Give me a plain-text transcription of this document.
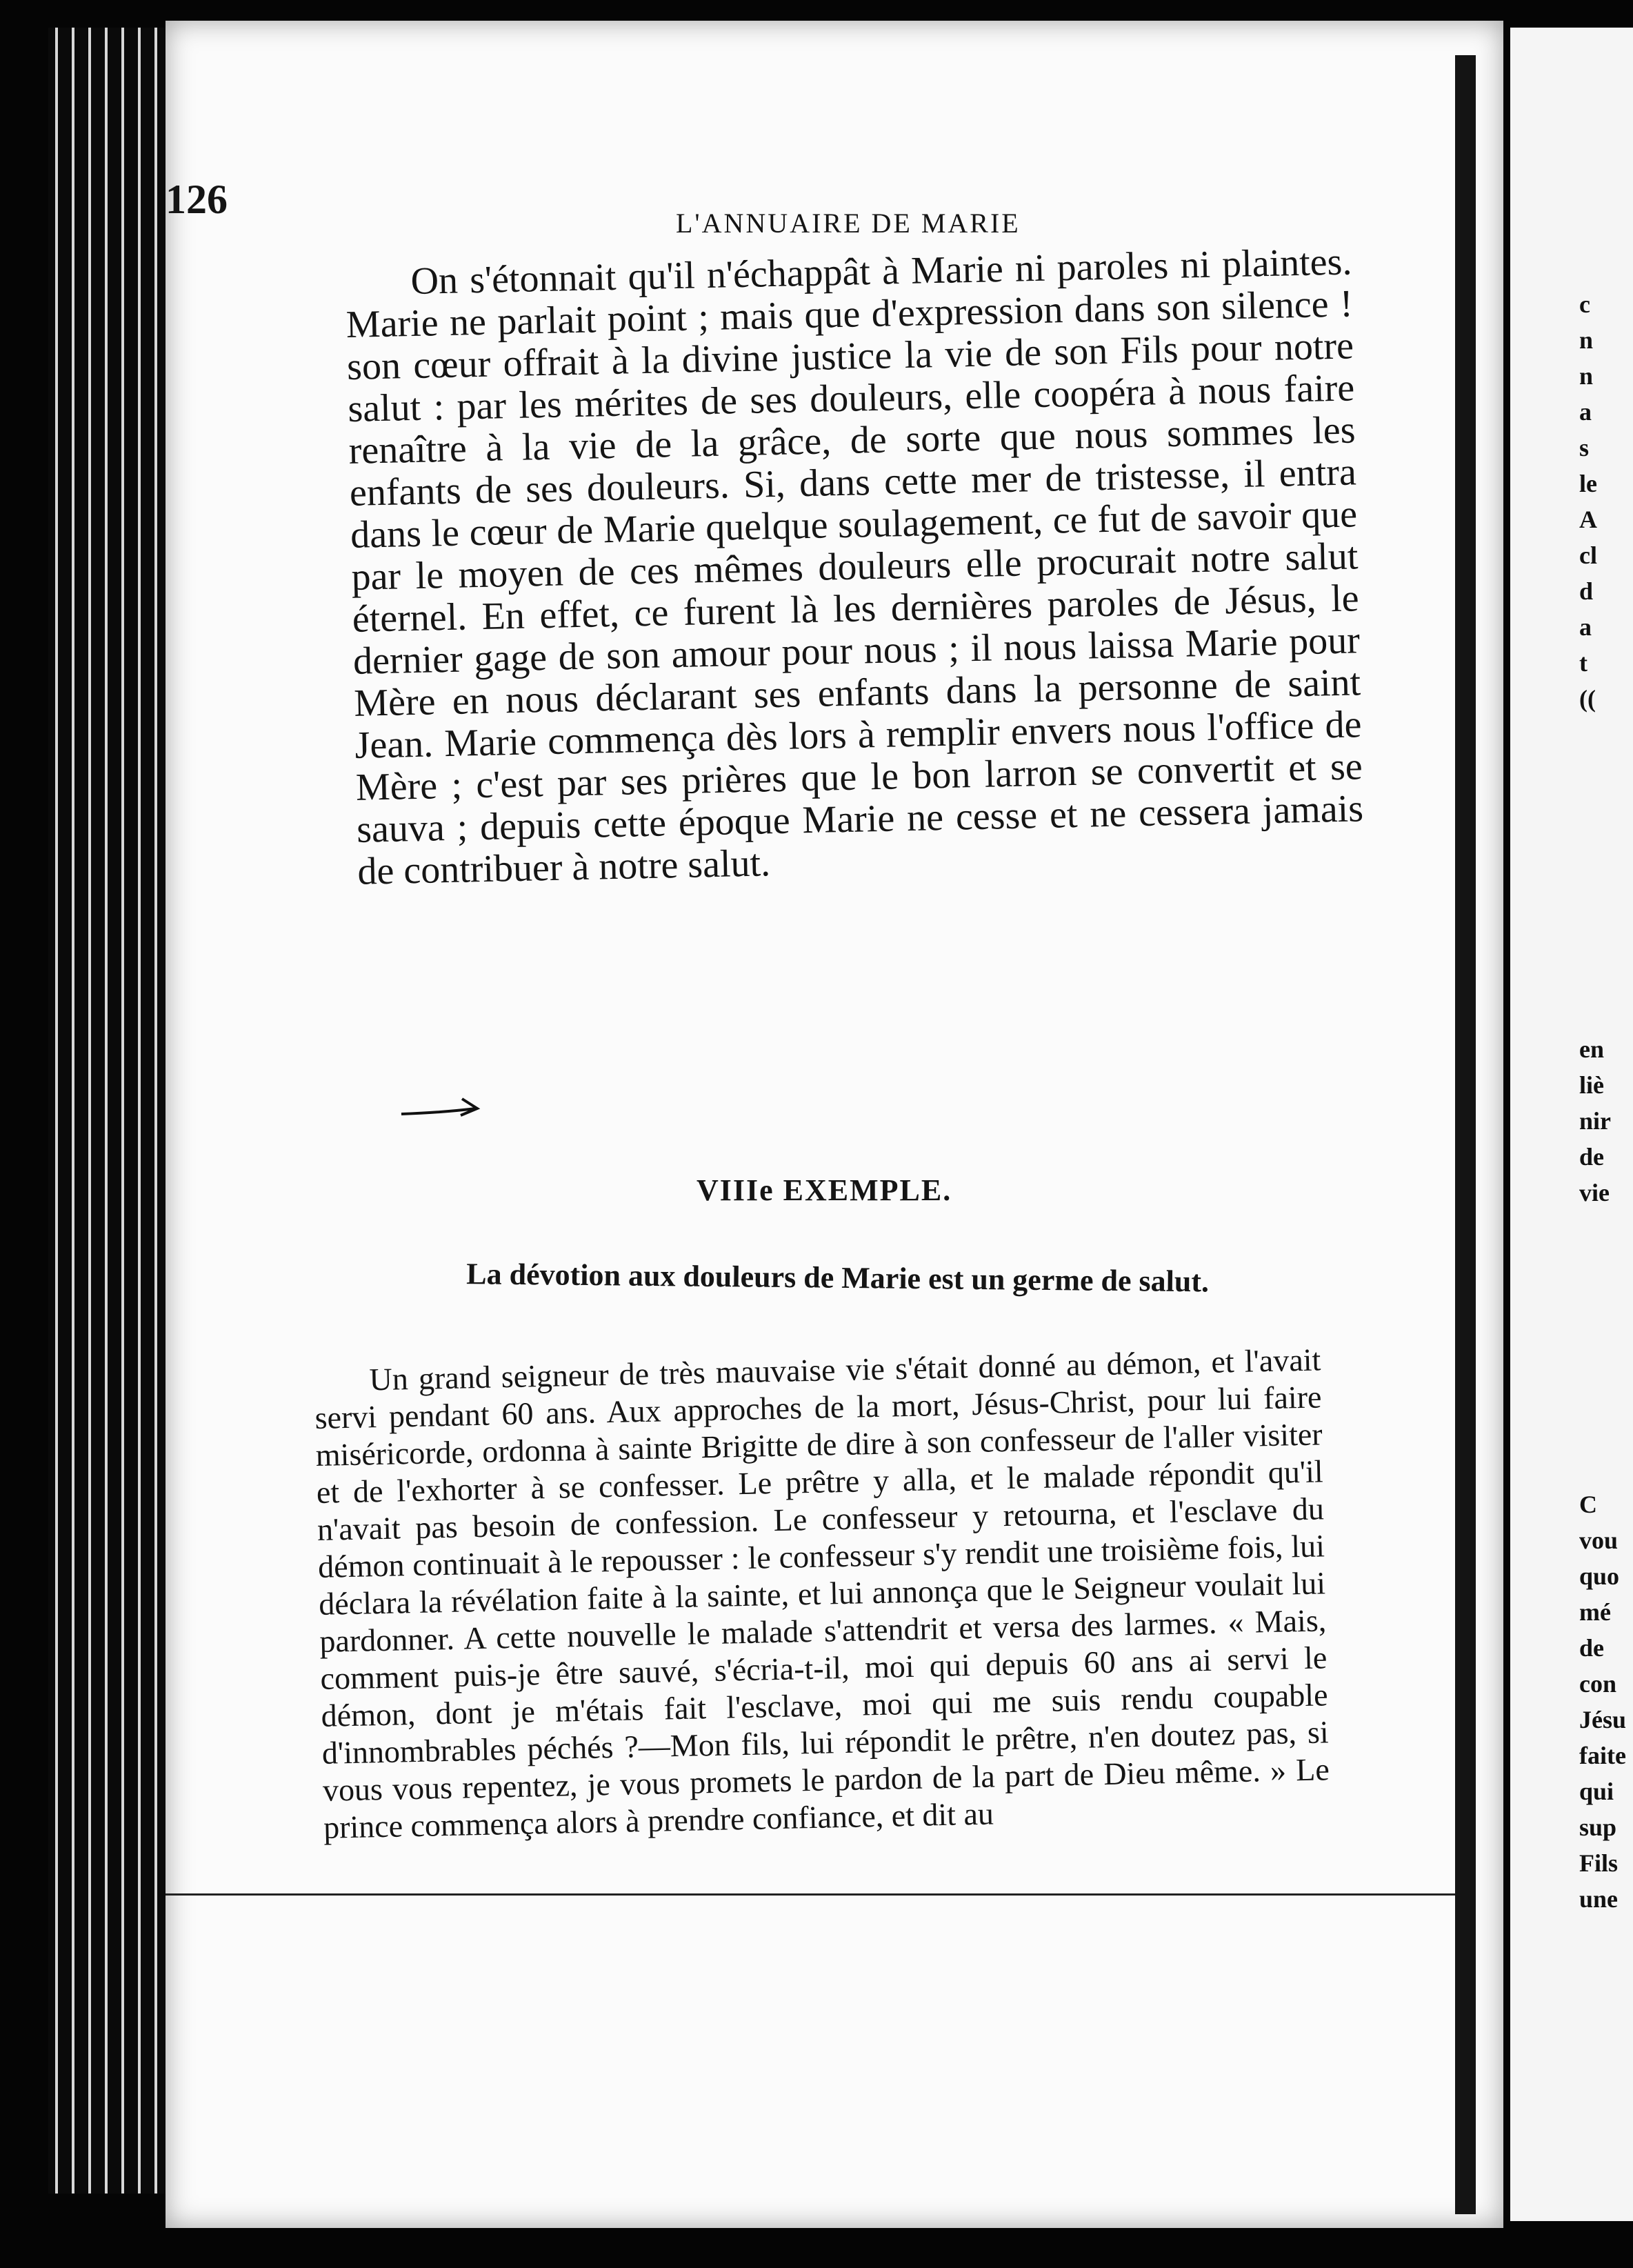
c
n
n
a
s
le
A
cl
d
a
t
((
en
liè
nir
de
vie
C
vou
quo
mé
de
con
Jésu
faite
qui
sup
Fils
une
126
L'ANNUAIRE DE MARIE

On s'étonnait qu'il n'échappât à Marie ni paroles ni plaintes. Marie ne parlait point ; mais que d'expression dans son silence ! son cœur offrait à la divine justice la vie de son Fils pour notre salut : par les mérites de ses douleurs, elle coopéra à nous faire renaître à la vie de la grâce, de sorte que nous sommes les enfants de ses douleurs. Si, dans cette mer de tristesse, il entra dans le cœur de Marie quelque soulagement, ce fut de savoir que par le moyen de ces mêmes douleurs elle procurait notre salut éternel. En effet, ce furent là les dernières paroles de Jésus, le dernier gage de son amour pour nous ; il nous laissa Marie pour Mère en nous déclarant ses enfants dans la personne de saint Jean. Marie commença dès lors à remplir envers nous l'office de Mère ; c'est par ses prières que le bon larron se convertit et se sauva ; depuis cette époque Marie ne cesse et ne cessera jamais de contribuer à notre salut.

VIIIe EXEMPLE.
La dévotion aux douleurs de Marie est un germe de salut.

Un grand seigneur de très mauvaise vie s'était donné au démon, et l'avait servi pendant 60 ans. Aux approches de la mort, Jésus-Christ, pour lui faire miséricorde, ordonna à sainte Brigitte de dire à son confesseur de l'aller visiter et de l'exhorter à se confesser. Le prêtre y alla, et le malade répondit qu'il n'avait pas besoin de confession. Le confesseur y retourna, et l'esclave du démon continuait à le repousser : le confesseur s'y rendit une troisième fois, lui déclara la révélation faite à la sainte, et lui annonça que le Seigneur voulait lui pardonner. A cette nouvelle le malade s'attendrit et versa des larmes. « Mais, comment puis-je être sauvé, s'écria-t-il, moi qui depuis 60 ans ai servi le démon, dont je m'étais fait l'esclave, moi qui me suis rendu coupable d'innombrables péchés ?—Mon fils, lui répondit le prêtre, n'en doutez pas, si vous vous repentez, je vous promets le pardon de la part de Dieu même. » Le prince commença alors à prendre confiance, et dit au
